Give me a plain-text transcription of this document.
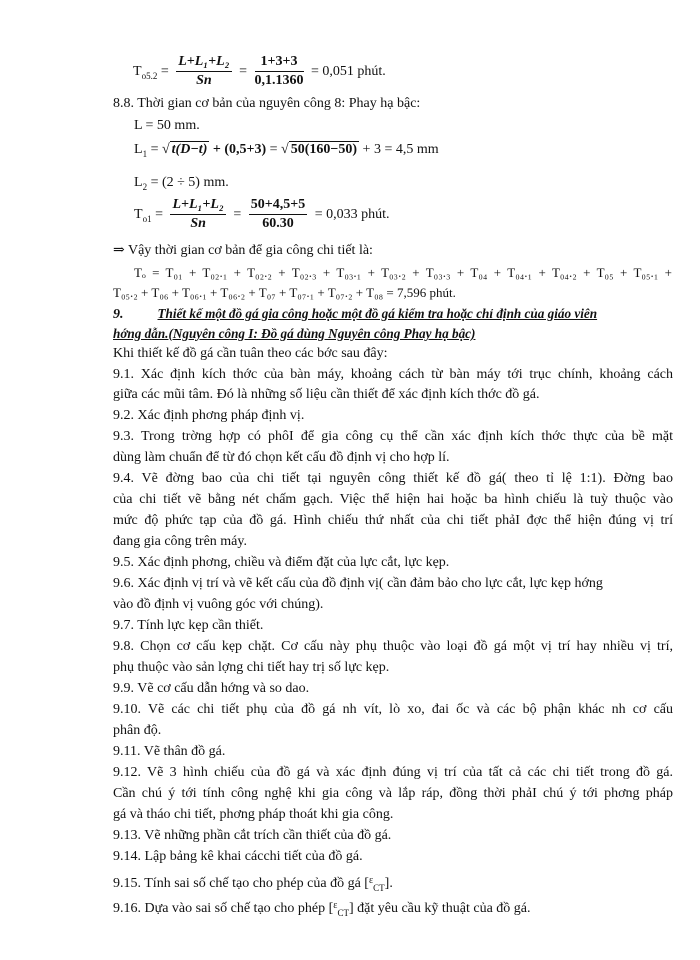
$T_{o5.2} = \frac{\text{L+L₁+L₂}}{Sn} = \frac{1+3+3}{0,1.1360} = 0,051$ phút.
8.8. Thời gian cơ bản của nguyên công 8: Phay hạ bậc:
L = 50 mm.
$L_1$ = √ t(D−t) + (0,5+3) = √ 50(160−50) + 3 = 4,5 mm
$L_2 = (2 \div 5)$ mm.
$T_{o1} = \frac{\text{L+L₁+L₂}}{Sn} = \frac{50+4,5+5}{60.30} = 0,033$ phút.
⇒ Vậy thời gian cơ bản để gia công chi tiết là:
Tₒ = T₀₁ + T₀₂.₁ + T₀₂.₂ + T₀₂.₃ + T₀₃.₁ + T₀₃.₂ + T₀₃.₃ + T₀₄ + T₀₄.₁ + T₀₄.₂ + T₀₅ + T₀₅.₁ +
T₀₅.₂ + T₀₆ + T₀₆.₁ + T₀₆.₂ + T₀₇ + T₀₇.₁ + T₀₇.₂ + T₀₈ = 7,596 phút.
9.	Thiết kế một đồ gá gia công hoặc một đồ gá kiểm tra hoặc chỉ định của giáo viên
hớng dẫn.(Nguyên công I: Đồ gá dùng Nguyên công Phay hạ bậc)
Khi thiết kế đồ gá cần tuân theo các bớc sau đây:
9.1. Xác định kích thớc của bàn máy, khoảng cách từ bàn máy tới trục chính, khoảng cách
giữa các mũi tâm. Đó là những số liệu cần thiết để xác định kích thớc đồ gá.
9.2. Xác định phơng pháp định vị.
9.3. Trong trờng hợp có phôI để gia công cụ thể cần xác định kích thớc thực của bề mặt
dùng làm chuẩn để từ đó chọn kết cấu đồ định vị cho hợp lí.
9.4. Vẽ đờng bao của chi tiết tại nguyên công thiết kế đồ gá( theo tỉ lệ 1:1). Đờng bao
của chi tiết vẽ bằng nét chấm gạch. Việc thể hiện hai hoặc ba hình chiếu là tuỳ thuộc vào
mức độ phức tạp của đồ gá. Hình chiếu thứ nhất của chi tiết phảI đợc thể hiện đúng vị trí
đang gia công trên máy.
9.5. Xác định phơng, chiều và điểm đặt của lực cắt, lực kẹp.
9.6. Xác định vị trí và vẽ kết cấu của đồ định vị( cần đảm bảo cho lực cắt, lực kẹp hớng
vào đồ định vị vuông góc với chúng).
9.7. Tính lực kẹp cần thiết.
9.8. Chọn cơ cấu kẹp chặt. Cơ cấu này phụ thuộc vào loại đồ gá một vị trí hay nhiều vị trí,
phụ thuộc vào sản lợng chi tiết hay trị số lực kẹp.
9.9. Vẽ cơ cấu dẫn hớng và so dao.
9.10. Vẽ các chi tiết phụ của đồ gá nh vít, lò xo, đai ốc và các bộ phận khác nh cơ cấu
phân độ.
9.11. Vẽ thân đồ gá.
9.12. Vẽ 3 hình chiếu của đồ gá và xác định đúng vị trí của tất cả các chi tiết trong đồ gá.
Cần chú ý tới tính công nghệ khi gia công và lắp ráp, đồng thời phảI chú ý tới phơng pháp
gá và tháo chi tiết, phơng pháp thoát khi gia công.
9.13. Vẽ những phần cắt trích cần thiết của đồ gá.
9.14. Lập bảng kê khai cácchi tiết của đồ gá.
9.15. Tính sai số chế tạo cho phép của đồ gá [$^\varepsilon_{CT}$].
9.16. Dựa vào sai số chế tạo cho phép [$^\varepsilon_{CT}$] đặt yêu cầu kỹ thuật của đồ gá.
